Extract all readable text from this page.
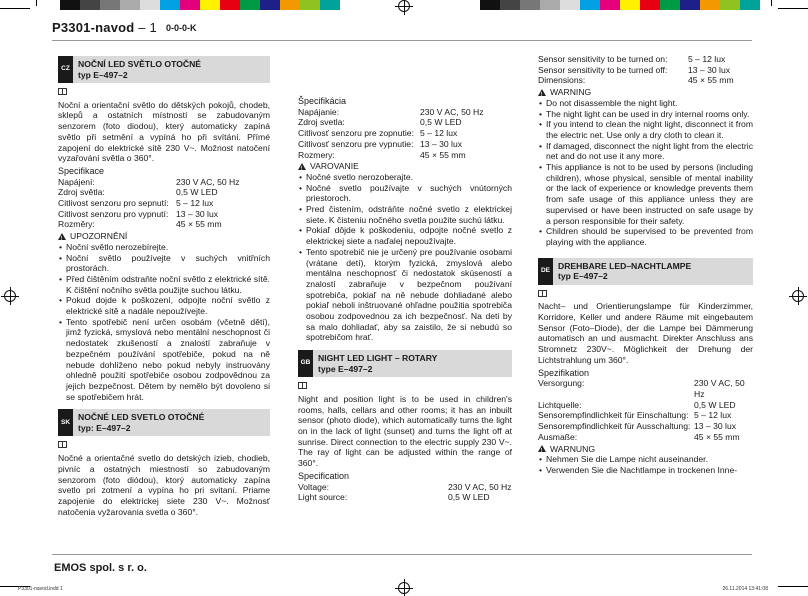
P3301-navod – 1 0-0-0-K
CZ NOČNÍ LED SVĚTLO OTOČNÉ
typ E–497–2
Noční a orientační světlo do dětských pokojů, chodeb, sklepů a ostatních místností se zabudovaným senzorem (foto diodou), který automaticky zapíná světlo při setmění a vypíná ho při svítání. Přímé zapojení do elektrické sítě 230 V~. Možnost natočení vyzařování světla o 360°.
Specifikace
Napájení:	230 V AC, 50 Hz
Zdroj světla:	0,5 W LED
Citlivost senzoru pro sepnutí: 5 – 12 lux
Citlivost senzoru pro vypnutí: 13 – 30 lux
Rozměry:	45 × 55 mm
!
UPOZORNĚNÍ
• Noční světlo nerozebírejte.
• Noční světlo používejte v suchých vnitřních prostorách.
• Před čištěním odstraňte noční světlo z elektrické sítě. K čištění nočního světla použijte suchou látku.
• Pokud dojde k poškození, odpojte noční světlo z elektrické sítě a nadále nepoužívejte.
• Tento spotřebič není určen osobám (včetně dětí), jimž fyzická, smyslová nebo mentální neschopnost či nedostatek zkušeností a znalostí zabraňuje v bezpečném používání spotřebiče, pokud na ně nebude dohlíženo nebo pokud nebyly instruovány ohledně použití spotřebiče osobou zodpovědnou za jejich bezpečnost. Dětem by nemělo být dovoleno si se spotřebičem hrát.
SK NOČNÉ LED SVETLO OTOČNÉ
typ: E–497–2
Nočné a orientačné svetlo do detských izieb, chodieb, pivníc a ostatných miestností so zabudovaným senzorom (foto diódou), ktorý automaticky zapína svetlo pri zotmení a vypína ho pri svitaní. Priame zapojenie do elektrickej siete 230 V~. Možnosť natočenia vyžarovania svetla o 360°.
Špecifikácia
Napájanie:	230 V AC, 50 Hz
Zdroj svetla:	0,5 W LED
Citlivosť senzoru pre zopnutie: 5 – 12 lux
Citlivosť senzoru pre vypnutie: 13 – 30 lux
Rozmery:	45 × 55 mm
!
VAROVANIE
• Nočné svetlo nerozoberajte.
• Nočné svetlo používajte v suchých vnútorných priestoroch.
• Pred čistením, odstráňte nočné svetlo z elektrickej siete. K čisteniu nočného svetla použite suchú látku.
• Pokiaľ dôjde k poškodeniu, odpojte nočné svetlo z elektrickej siete a naďalej nepoužívajte.
• Tento spotrebič nie je určený pre používanie osobami (vrátane detí), ktorým fyzická, zmyslová alebo mentálna neschopnosť či nedostatok skúseností a znalostí zabraňuje v bezpečnom používaní spotrebiča, pokiaľ na ně nebude dohliadané alebo pokiaľ neboli inštruované ohľadne použitia spotrebiča osobou zodpovednou za ich bezpečnosť. Na deti by sa malo dohliadať, aby sa zaistilo, že si nebudú so spotrebičom hrať.
GB NIGHT LED LIGHT – ROTARY
type E–497–2
Night and position light is to be used in children's rooms, halls, cellars and other rooms; it has an inbuilt sensor (photo diode), which automatically turns the light on in the lack of light (sunset) and turns the light off at sunrise. Direct connection to the electric supply 230 V~. The ray of light can be adjusted within the range of 360°.
Specification
Voltage:	230 V AC, 50 Hz
Light source:	0,5 W LED
Sensor sensitivity to be turned on:	5 – 12 lux
Sensor sensitivity to be turned off:	13 – 30 lux
Dimensions:	45 × 55 mm
!
WARNING
• Do not disassemble the night light.
• The night light can be used in dry internal rooms only.
• If you intend to clean the night light, disconnect it from the electric net. Use only a dry cloth to clean it.
• If damaged, disconnect the night light from the electric net and do not use it any more.
• This appliance is not to be used by persons (including children), whose physical, sensible of mental inability or the lack of experience or knowledge prevents them from safe usage of this appliance unless they are supervised or have been instructed on safe usage by a person responsible for their safety.
• Children should be supervised to be prevented from playing with the appliance.
DE DREHBARE LED–NACHTLAMPE
typ E–497–2
Nacht– und Orientierungslampe für Kinderzimmer, Korridore, Keller und andere Räume mit eingebautem Sensor (Foto–Diode), der die Lampe bei Dämmerung automatisch an und ausmacht. Direkter Anschluss ans Stromnetz 230V~. Möglichkeit der Drehung der Lichtstrahlung um 360°.
Spezifikation
Versorgung:	230 V AC, 50 Hz
Lichtquelle:	0,5 W LED
Sensorempfindlichkeit für Einschaltung: 5 – 12 lux
Sensorempfindlichkeit für Ausschaltung: 13 – 30 lux
Ausmaße:	45 × 55 mm
!
WARNUNG
• Nehmen Sie die Lampe nicht auseinander.
• Verwenden Sie die Nachtlampe in trockenen Inne-
EMOS spol. s r. o.
P3301-navod.indd 1	26.11.2014 13:41:08
